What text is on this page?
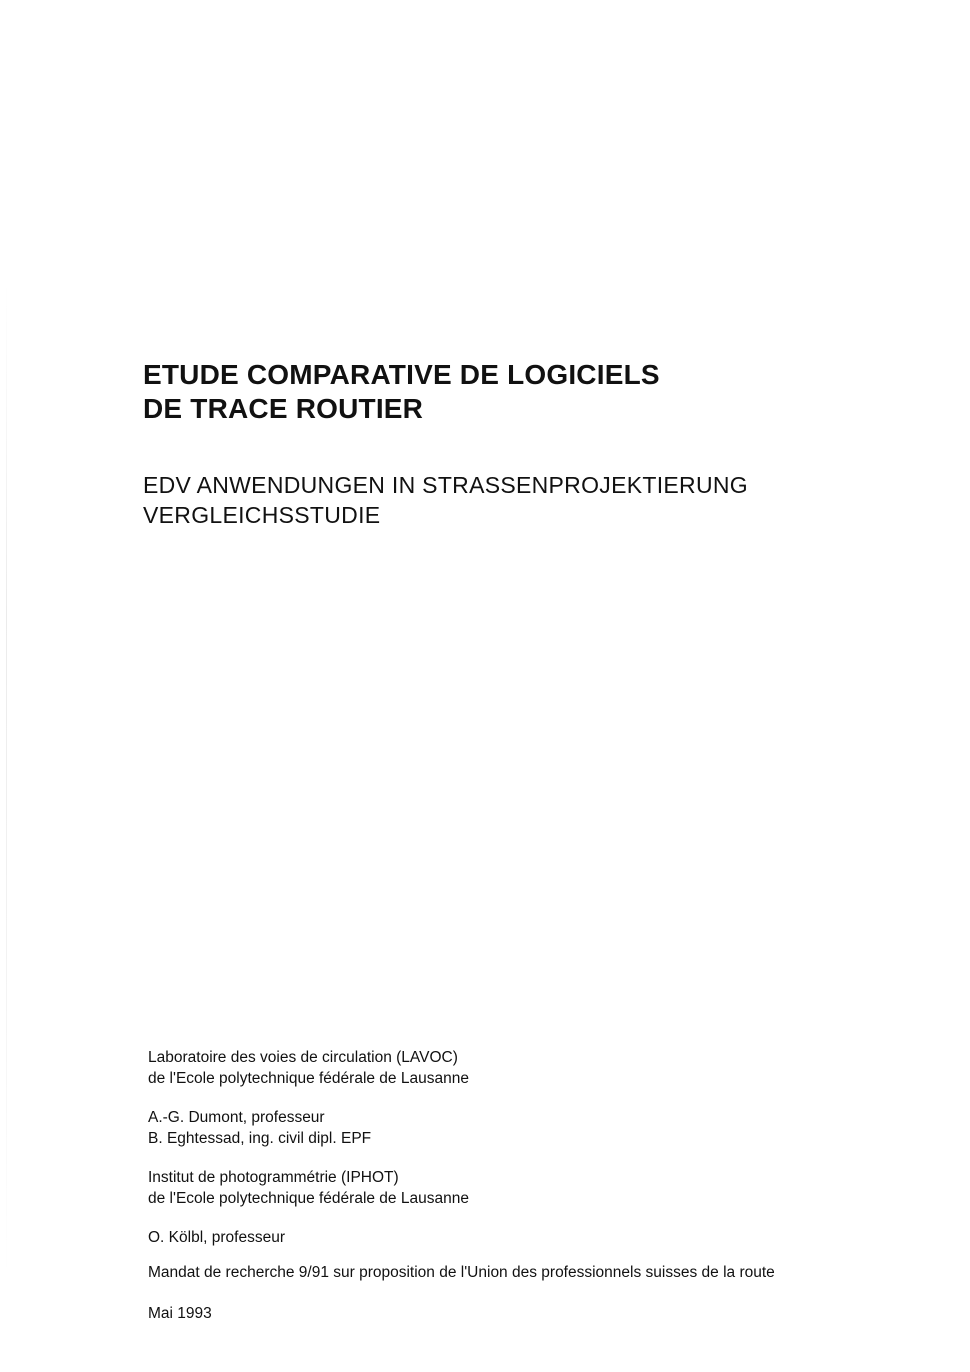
ETUDE COMPARATIVE DE LOGICIELS
DE TRACE ROUTIER
EDV ANWENDUNGEN IN STRASSENPROJEKTIERUNG
VERGLEICHSSTUDIE
Laboratoire des voies de circulation (LAVOC)
de l'Ecole polytechnique fédérale de Lausanne
A.-G. Dumont, professeur
B. Eghtessad, ing. civil dipl. EPF
Institut de photogrammétrie (IPHOT)
de l'Ecole polytechnique fédérale de Lausanne
O. Kölbl, professeur
Mandat de recherche 9/91 sur proposition de l'Union des professionnels suisses de la route
Mai 1993
